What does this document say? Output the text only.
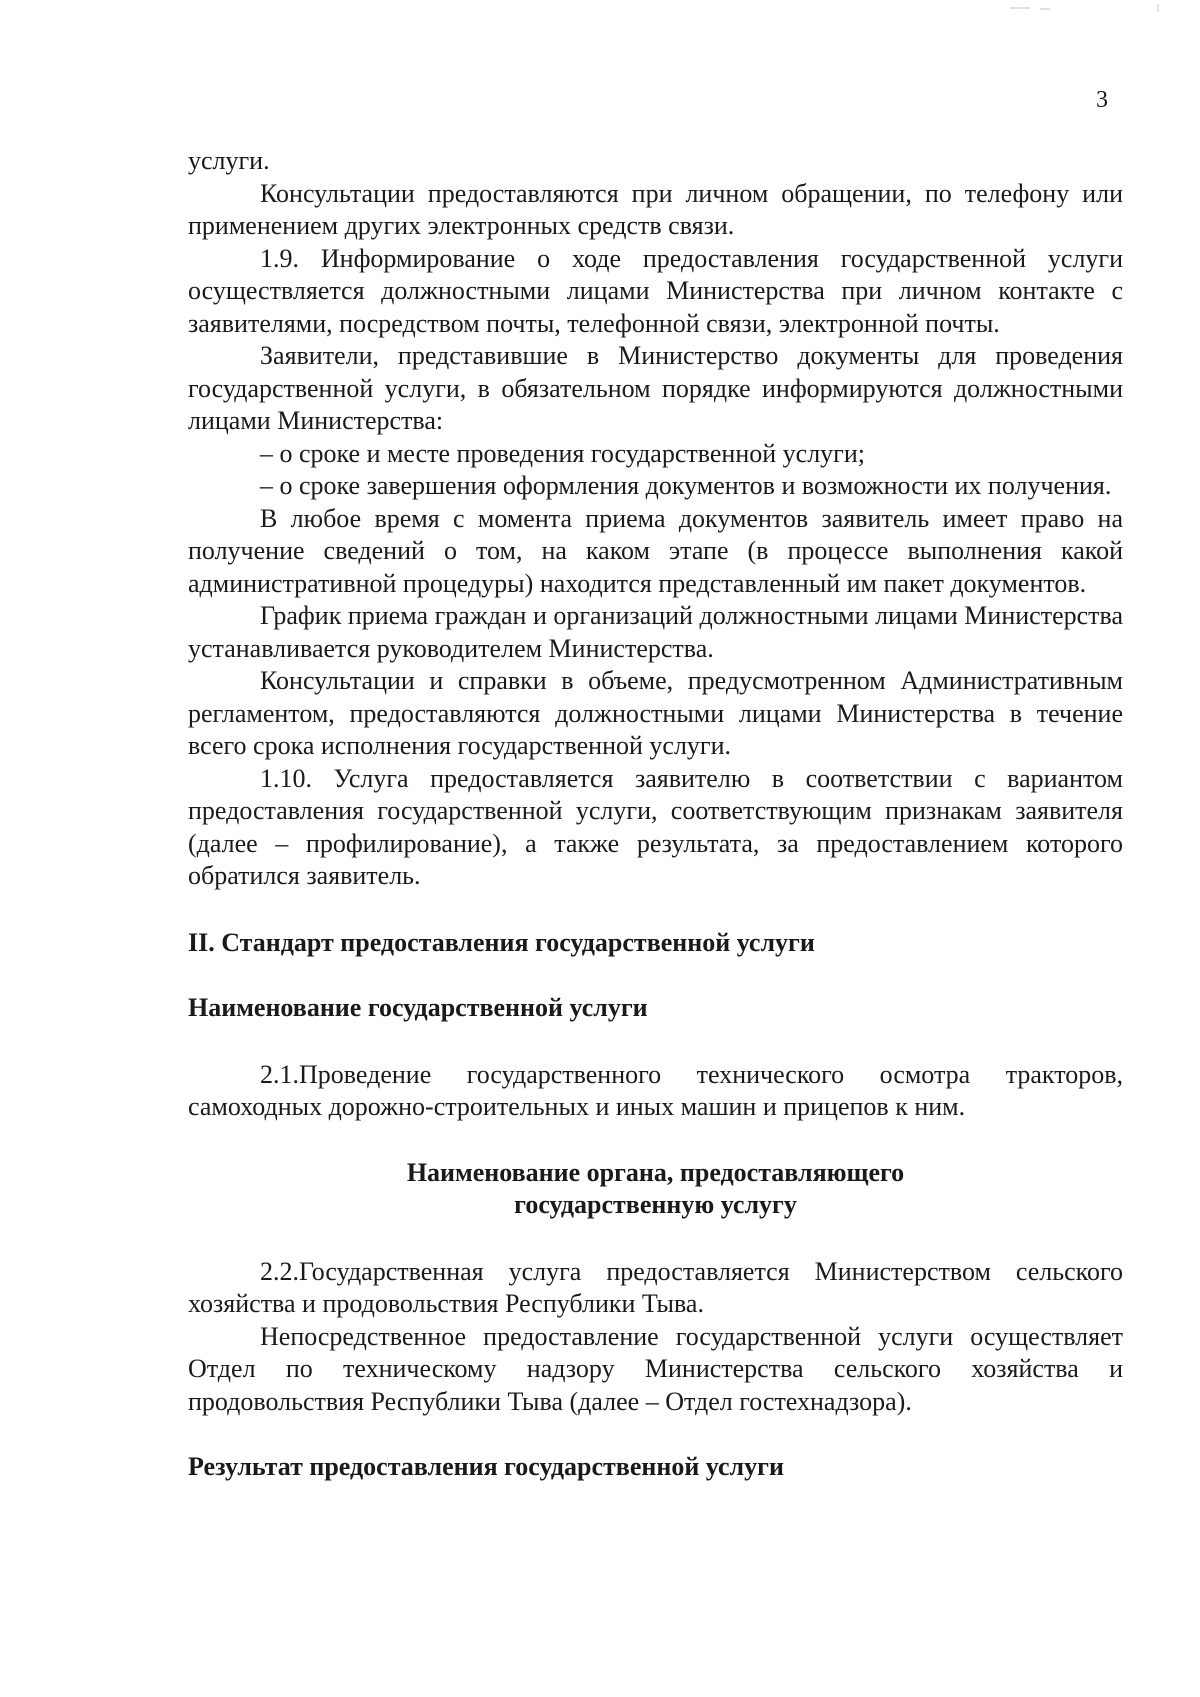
3

услуги.

Консультации предоставляются при личном обращении, по телефону или применением других электронных средств связи.

1.9. Информирование о ходе предоставления государственной услуги осуществляется должностными лицами Министерства при личном контакте с заявителями, посредством почты, телефонной связи, электронной почты.

Заявители, представившие в Министерство документы для проведения государственной услуги, в обязательном порядке информируются должностными лицами Министерства:

– о сроке и месте проведения государственной услуги;

– о сроке завершения оформления документов и возможности их получения.

В любое время с момента приема документов заявитель имеет право на получение сведений о том, на каком этапе (в процессе выполнения какой административной процедуры) находится представленный им пакет документов.

График приема граждан и организаций должностными лицами Министерства устанавливается руководителем Министерства.

Консультации и справки в объеме, предусмотренном Административным регламентом, предоставляются должностными лицами Министерства в течение всего срока исполнения государственной услуги.

1.10. Услуга предоставляется заявителю в соответствии с вариантом предоставления государственной услуги, соответствующим признакам заявителя (далее – профилирование), а также результата, за предоставлением которого обратился заявитель.

II. Стандарт предоставления государственной услуги

Наименование государственной услуги

2.1.Проведение государственного технического осмотра тракторов, самоходных дорожно-строительных и иных машин и прицепов к ним.

Наименование органа, предоставляющего
государственную услугу

2.2.Государственная услуга предоставляется Министерством сельского хозяйства и продовольствия Республики Тыва.

Непосредственное предоставление государственной услуги осуществляет Отдел по техническому надзору Министерства сельского хозяйства и продовольствия Республики Тыва (далее – Отдел гостехнадзора).

Результат предоставления государственной услуги
